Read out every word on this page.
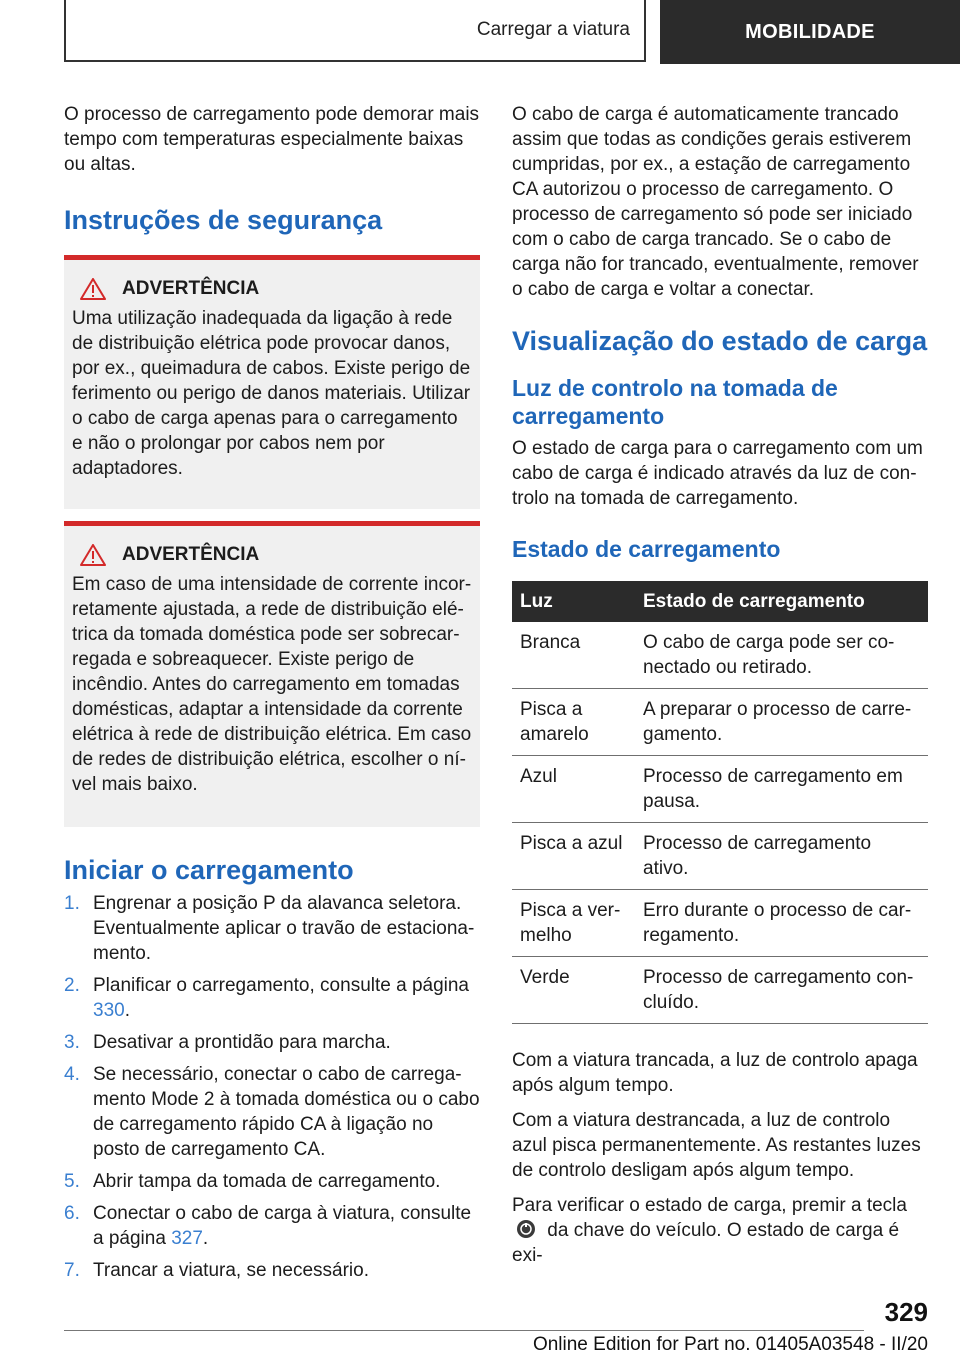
Carregar a viatura	MOBILIDADE

O processo de carregamento pode demorar mais tempo com temperaturas especialmente baixas ou altas.

Instruções de segurança
ADVERTÊNCIA

Uma utilização inadequada da ligação à rede de distribuição elétrica pode provocar danos, por ex., queimadura de cabos. Existe perigo de ferimento ou perigo de danos materiais. Utilizar o cabo de carga apenas para o carregamento e não o prolongar por cabos nem por adaptadores.

ADVERTÊNCIA

Em caso de uma intensidade de corrente incorretamente ajustada, a rede de distribuição elétrica da tomada doméstica pode ser sobrecarregada e sobreaquecer. Existe perigo de incêndio. Antes do carregamento em tomadas domésticas, adaptar a intensidade da corrente elétrica à rede de distribuição elétrica. Em caso de redes de distribuição elétrica, escolher o nível mais baixo.

Iniciar o carregamento
1. Engrenar a posição P da alavanca seletora. Eventualmente aplicar o travão de estacionamento.
2. Planificar o carregamento, consulte a página 330.
3. Desativar a prontidão para marcha.
4. Se necessário, conectar o cabo de carregamento Mode 2 à tomada doméstica ou o cabo de carregamento rápido CA à ligação no posto de carregamento CA.
5. Abrir tampa da tomada de carregamento.
6. Conectar o cabo de carga à viatura, consulte a página 327.
7. Trancar a viatura, se necessário.

O cabo de carga é automaticamente trancado assim que todas as condições gerais estiverem cumpridas, por ex., a estação de carregamento CA autorizou o processo de carregamento. O processo de carregamento só pode ser iniciado com o cabo de carga trancado. Se o cabo de carga não for trancado, eventualmente, remover o cabo de carga e voltar a conectar.

Visualização do estado de carga
Luz de controlo na tomada de carregamento

O estado de carga para o carregamento com um cabo de carga é indicado através da luz de controlo na tomada de carregamento.

Estado de carregamento
Luz	Estado de carregamento
Branca	O cabo de carga pode ser conectado ou retirado.
Pisca a amarelo	A preparar o processo de carregamento.
Azul	Processo de carregamento em pausa.
Pisca a azul	Processo de carregamento ativo.
Pisca a vermelho	Erro durante o processo de carregamento.
Verde	Processo de carregamento concluído.

Com a viatura trancada, a luz de controlo apaga após algum tempo.

Com a viatura destrancada, a luz de controlo azul pisca permanentemente. As restantes luzes de controlo desligam após algum tempo.

Para verificar o estado de carga, premir a tecla  da chave do veículo. O estado de carga é exi-

329
Online Edition for Part no. 01405A03548 - II/20
